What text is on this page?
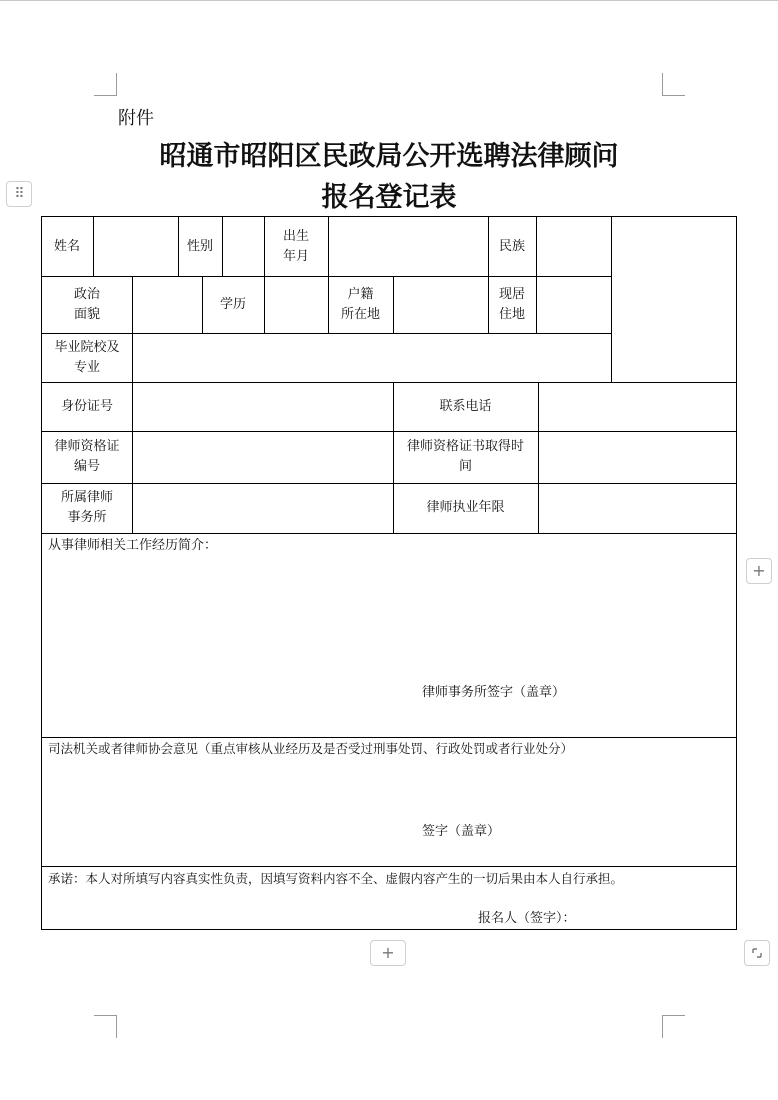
⠿
+
+
附件
昭通市昭阳区民政局公开选聘法律顾问
报名登记表
姓名	性别
出生
年月
民族
政治
面貌
学历
户籍
所在地
现居
住地
毕业院校及
专业
身份证号	联系电话
律师资格证
编号
律师资格证书取得时
间
所属律师
事务所
律师执业年限
从事律师相关工作经历简介：
律师事务所签字（盖章）
司法机关或者律师协会意见（重点审核从业经历及是否受过刑事处罚、行政处罚或者行业处分）
签字（盖章）
承诺：本人对所填写内容真实性负责，因填写资料内容不全、虚假内容产生的一切后果由本人自行承担。
报名人（签字）：
